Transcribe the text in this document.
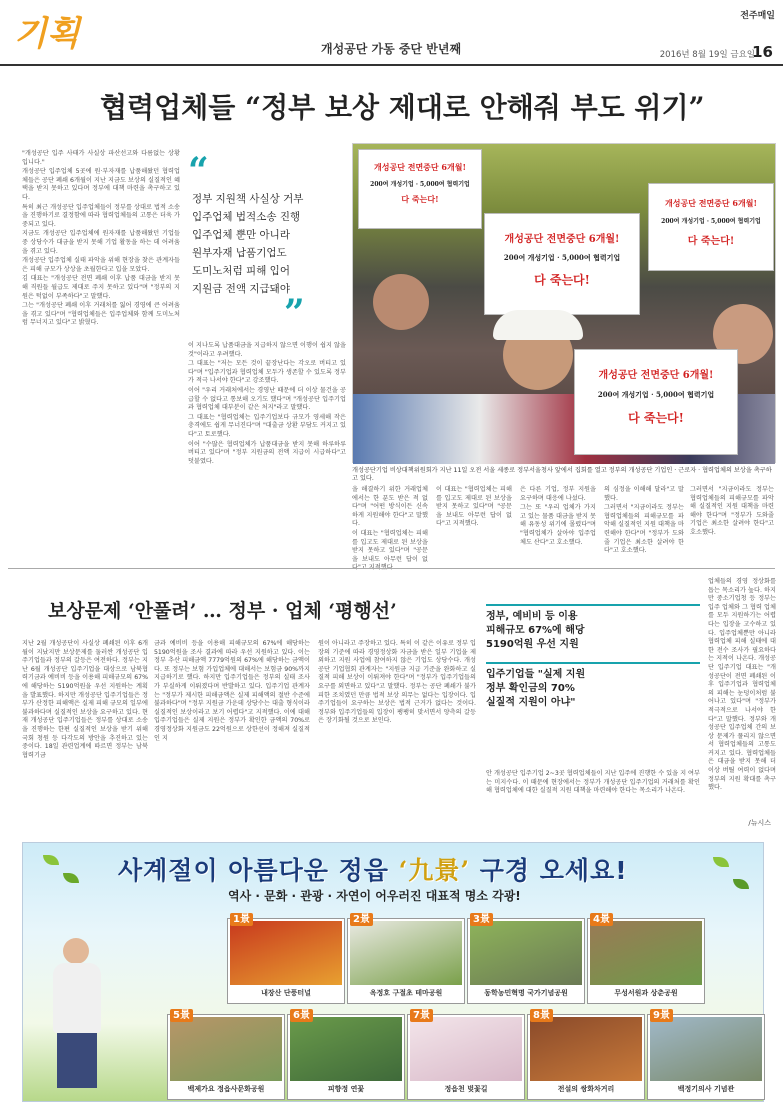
기획	개성공단 가동 중단 반년째
전주매일
2016년 8월 19일 금요일
16
협력업체들 “정부 보상 제대로 안해줘 부도 위기”

"개성공단 입주 사태가 사실상 파산선고와 다름없는 상황입니다."

개성공단 입주업체 5곳에 원·부자재를 납품해왔던 협력업체들은 공단 폐쇄 6개월이 지난 지금도 보상의 실질적인 혜택을 받지 못하고 있다며 정부에 대책 마련을 촉구하고 있다.

특히 최근 개성공단 입주업체들이 정부를 상대로 법적 소송을 진행하기로 결정함에 따라 협력업체들의 고통은 더욱 가중되고 있다.

지금도 개성공단 입주업체에 원자재를 납품해왔던 기업들 중 상당수가 대금을 받지 못해 기업 활동을 하는 데 어려움을 겪고 있다.

개성공단 입주업체 실태 파악을 위해 현장을 찾은 관계자들은 피해 규모가 상상을 초월한다고 입을 모았다.

김 대표는 "개성공단 전면 폐쇄 이후 납품 대금을 받지 못해 직원들 월급도 제대로 주지 못하고 있다"며 "정부의 지원은 턱없이 부족하다"고 말했다.

그는 "개성공단 폐쇄 이후 거래처를 잃어 경영에 큰 어려움을 겪고 있다"며 "협력업체들은 입주업체와 함께 도미노처럼 무너지고 있다"고 밝혔다.

“
정부 지원책 사실상 거부
입주업체 법적소송 진행
입주업체 뿐만 아니라
원부자재 납품기업도
도미노처럼 피해 입어
지원금 전액 지급돼야
”

이 지나도록 납품대금을 지급하지 않으면 이행이 쉽지 않을 것"이라고 우려했다.

그 대표는 "저는 모든 것이 끝장난다는 각오로 버티고 있다"며 "입주기업과 협력업체 모두가 생존할 수 있도록 정부가 적극 나서야 한다"고 강조했다.

이어 "우리 거래처에서는 경영난 때문에 더 이상 물건을 공급할 수 없다고 통보해 오기도 했다"며 "개성공단 입주기업과 협력업체 대부분이 같은 처지"라고 말했다.

그 대표는 "협력업체는 입주기업보다 규모가 영세해 작은 충격에도 쉽게 무너진다"며 "대출금 상환 부담도 커지고 있다"고 토로했다.

이어 "수많은 협력업체가 납품대금을 받지 못해 하루하루 버티고 있다"며 "정부 지원금의 전액 지급이 시급하다"고 덧붙였다.

개성공단 전면중단 6개월!
200여 개성기업 · 5,000여 협력기업
다 죽는다!
개성공단 전면중단 6개월!
200여 개성기업 · 5,000여 협력기업
다 죽는다!
개성공단 전면중단 6개월!
200여 개성기업 · 5,000여 협력기업
다 죽는다!
개성공단 전면중단 6개월!
200여 개성기업 · 5,000여 협력기업
다 죽는다!
개성공단기업 비상대책위원회가 지난 11일 오전 서울 세종로 정부서울청사 앞에서 집회를 열고 정부의 개성공단 기업인 · 근로자 · 협력업체의 보상을 촉구하고 있다.

을 해결하기 위한 거래업체에서는 한 푼도 받은 적 없다"며 "어떤 방식이든 신속하게 지원해야 한다"고 말했다.

이 대표는 "협력업체는 피해를 입고도 제대로 된 보상을 받지 못하고 있다"며 "공문을 보내도 아무런 답이 없

이 대표는 "협력업체는 피해를 입고도 제대로 된 보상을 받지 못하고 있다"며 "공문을 보내도 아무런 답이 없다"고 지적했다.

은 다른 기업, 정부 지원을 요구하며 대응에 나섰다.

그는 또 "우리 업체가 가지고 있는 물품 대금을 받지 못해 유동성 위기에 몰렸다"며 "협력업체가 살아야 입주업체도 산다"고 호소했다.

의 심정을 이해해 달라"고 말했다.

그러면서 "지금이라도 정부는 협력업체들의 피해규모를 파악해 실질적인 지원 대책을 마련해야 한다"며 "정부가 도와줄 기업은 최소한 살려야 한다"고 호소했다.

그러면서 "지금이라도 정부는 협력업체들의 피해규모를 파악해 실질적인 지원 대책을 마련해야 한다"며 "정부가 도와줄 기업은 최소한 살려야 한다"고 호소했다.

보상문제 ‘안풀려’ … 정부 · 업체 ‘평행선’	정부, 예비비 등 이용
피해규모 67%에 해당
5190억원 우선 지원
입주기업들 "실제 지원
정부 확인금의 70%
실질적 지원이 아냐"
지난 2월 개성공단이 사실상 폐쇄된 이후 6개월이 지났지만 보상문제를 둘러싼 개성공단 입주기업들과 정부의 갈등은 여전하다. 정부는 지난 6월 개성공단 입주기업을 대상으로 남북협력기금과 예비비 등을 이용해 피해규모의 67%에 해당하는 5190억원을 우선 지원하는 계획을 발표했다. 하지만 개성공단 입주기업들은 정부가 산정한 피해액은 실제 피해 규모의 일부에 불과하다며 실질적인 보상을 요구하고 있다. 현재 개성공단 입주기업들은 정부를 상대로 소송을 진행하는 한편 실질적인 보상을 받기 위해 국회 청원 등 다각도의 방안을 추진하고 있는 중이다. 18일 관련업계에 따르면 정부는 남북협력기금
금과 예비비 등을 이용해 피해규모의 67%에 해당하는 5190억원을 조사 결과에 따라 우선 지원하고 있다. 이는 정부 추산 피해금액 7779억원의 67%에 해당하는 금액이다. 또 정부는 보험 가입업체에 대해서는 보험금 90%까지 지급하기로 했다. 하지만 입주기업들은 정부의 실태 조사가 부실하게 이뤄졌다며 반발하고 있다. 입주기업 관계자는 "정부가 제시한 피해금액은 실제 피해액의 절반 수준에 불과하다"며 "정부 지원금 가운데 상당수는 대출 형식이라 실질적인 보상이라고 보기 어렵다"고 지적했다. 이에 대해 입주기업들은 실제 지원은 정부가 확인한 금액의 70%로 경영정상화 지원금도 22억원으로 상한선이 정해져 실질적인 지
원이 아니라고 주장하고 있다. 특히 이 같은 이유로 정부 입장의 기준에 따라 경영정상화 자금을 받은 일부 기업을 제외하고 지원 사업에 참여하지 않은 기업도 상당수다. 개성공단 기업협회 관계자는 "지원금 지급 기준을 완화하고 실질적 피해 보상이 이뤄져야 한다"며 "정부가 입주기업들의 요구를 외면하고 있다"고 말했다. 정부는 공단 폐쇄가 불가피한 조치였던 만큼 법적 보상 의무는 없다는 입장이다. 입주기업들이 요구하는 보상은 법적 근거가 없다는 것이다. 정부와 입주기업들의 입장이 팽팽히 맞서면서 양측의 갈등은 장기화될 것으로 보인다.
안 개성공단 입주기업 2~3곳 협력업체들이 지난 입주에 진행한 수 있을 지 여부는 미지수다. 이 때문에 현장에서는 정부가 개성공단 입주기업의 거래처를 확인해 협력업체에 대한 실질적 지원 대책을 마련해야 한다는 목소리가 나온다.
업체들의 경영 정상화를 돕는 목소리가 높다. 하지만 중소기업청 등 정부는 입주 업체와 그 협력 업체를 모두 지원하기는 어렵다는 입장을 고수하고 있다. 입주업체뿐만 아니라 협력업체 피해 실태에 대한 전수 조사가 필요하다는 지적이 나온다. 개성공단 입주기업 대표는 "개성공단이 전면 폐쇄된 이후 입주기업과 협력업체의 피해는 눈덩이처럼 불어나고 있다"며 "정부가 적극적으로 나서야 한다"고 말했다. 정부와 개성공단 입주업체 간의 보상 문제가 풀리지 않으면서 협력업체들의 고통도 커지고 있다. 협력업체들은 대금을 받지 못해 더 이상 버틸 여력이 없다며 정부의 지원 확대를 촉구했다.
/뉴시스
사계절이 아름다운 정읍 ‘九景’ 구경 오세요!
역사 · 문화 · 관광 · 자연이 어우러진 대표적 명소 각광!
내장산 단풍터널
1景
옥정호 구절초 테마공원
2景
동학농민혁명 국가기념공원
3景
무성서원과 상춘공원
4景
백제가요 정읍사문화공원
5景
피향정 연꽃
6景
정읍천 벚꽃길
7景
전설의 쌍화차거리
8景
백정기의사 기념관
9景
